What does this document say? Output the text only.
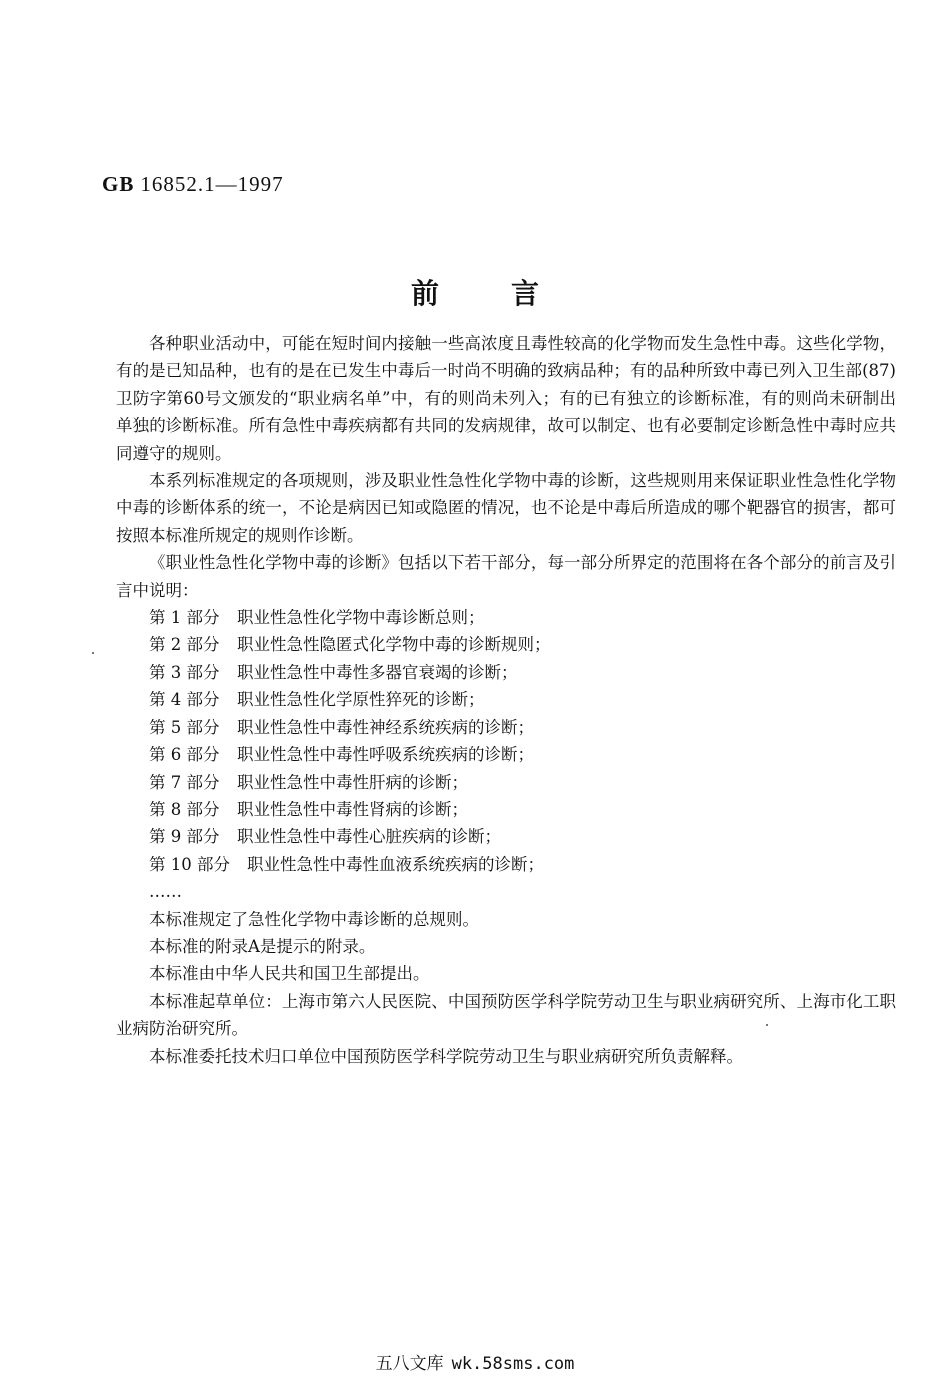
GB 16852.1—1997
前言

各种职业活动中，可能在短时间内接触一些高浓度且毒性较高的化学物而发生急性中毒。这些化学物，有的是已知品种，也有的是在已发生中毒后一时尚不明确的致病品种；有的品种所致中毒已列入卫生部(87)卫防字第60号文颁发的“职业病名单”中，有的则尚未列入；有的已有独立的诊断标准，有的则尚未研制出单独的诊断标准。所有急性中毒疾病都有共同的发病规律，故可以制定、也有必要制定诊断急性中毒时应共同遵守的规则。

本系列标准规定的各项规则，涉及职业性急性化学物中毒的诊断，这些规则用来保证职业性急性化学物中毒的诊断体系的统一，不论是病因已知或隐匿的情况，也不论是中毒后所造成的哪个靶器官的损害，都可按照本标准所规定的规则作诊断。

《职业性急性化学物中毒的诊断》包括以下若干部分，每一部分所界定的范围将在各个部分的前言及引言中说明：

第 1 部分 职业性急性化学物中毒诊断总则；

第 2 部分 职业性急性隐匿式化学物中毒的诊断规则；

第 3 部分 职业性急性中毒性多器官衰竭的诊断；

第 4 部分 职业性急性化学原性猝死的诊断；

第 5 部分 职业性急性中毒性神经系统疾病的诊断；

第 6 部分 职业性急性中毒性呼吸系统疾病的诊断；

第 7 部分 职业性急性中毒性肝病的诊断；

第 8 部分 职业性急性中毒性肾病的诊断；

第 9 部分 职业性急性中毒性心脏疾病的诊断；

第 10 部分 职业性急性中毒性血液系统疾病的诊断；

……

本标准规定了急性化学物中毒诊断的总规则。

本标准的附录A是提示的附录。

本标准由中华人民共和国卫生部提出。

本标准起草单位：上海市第六人民医院、中国预防医学科学院劳动卫生与职业病研究所、上海市化工职业病防治研究所。

本标准委托技术归口单位中国预防医学科学院劳动卫生与职业病研究所负责解释。

五八文库 wk.58sms.com
